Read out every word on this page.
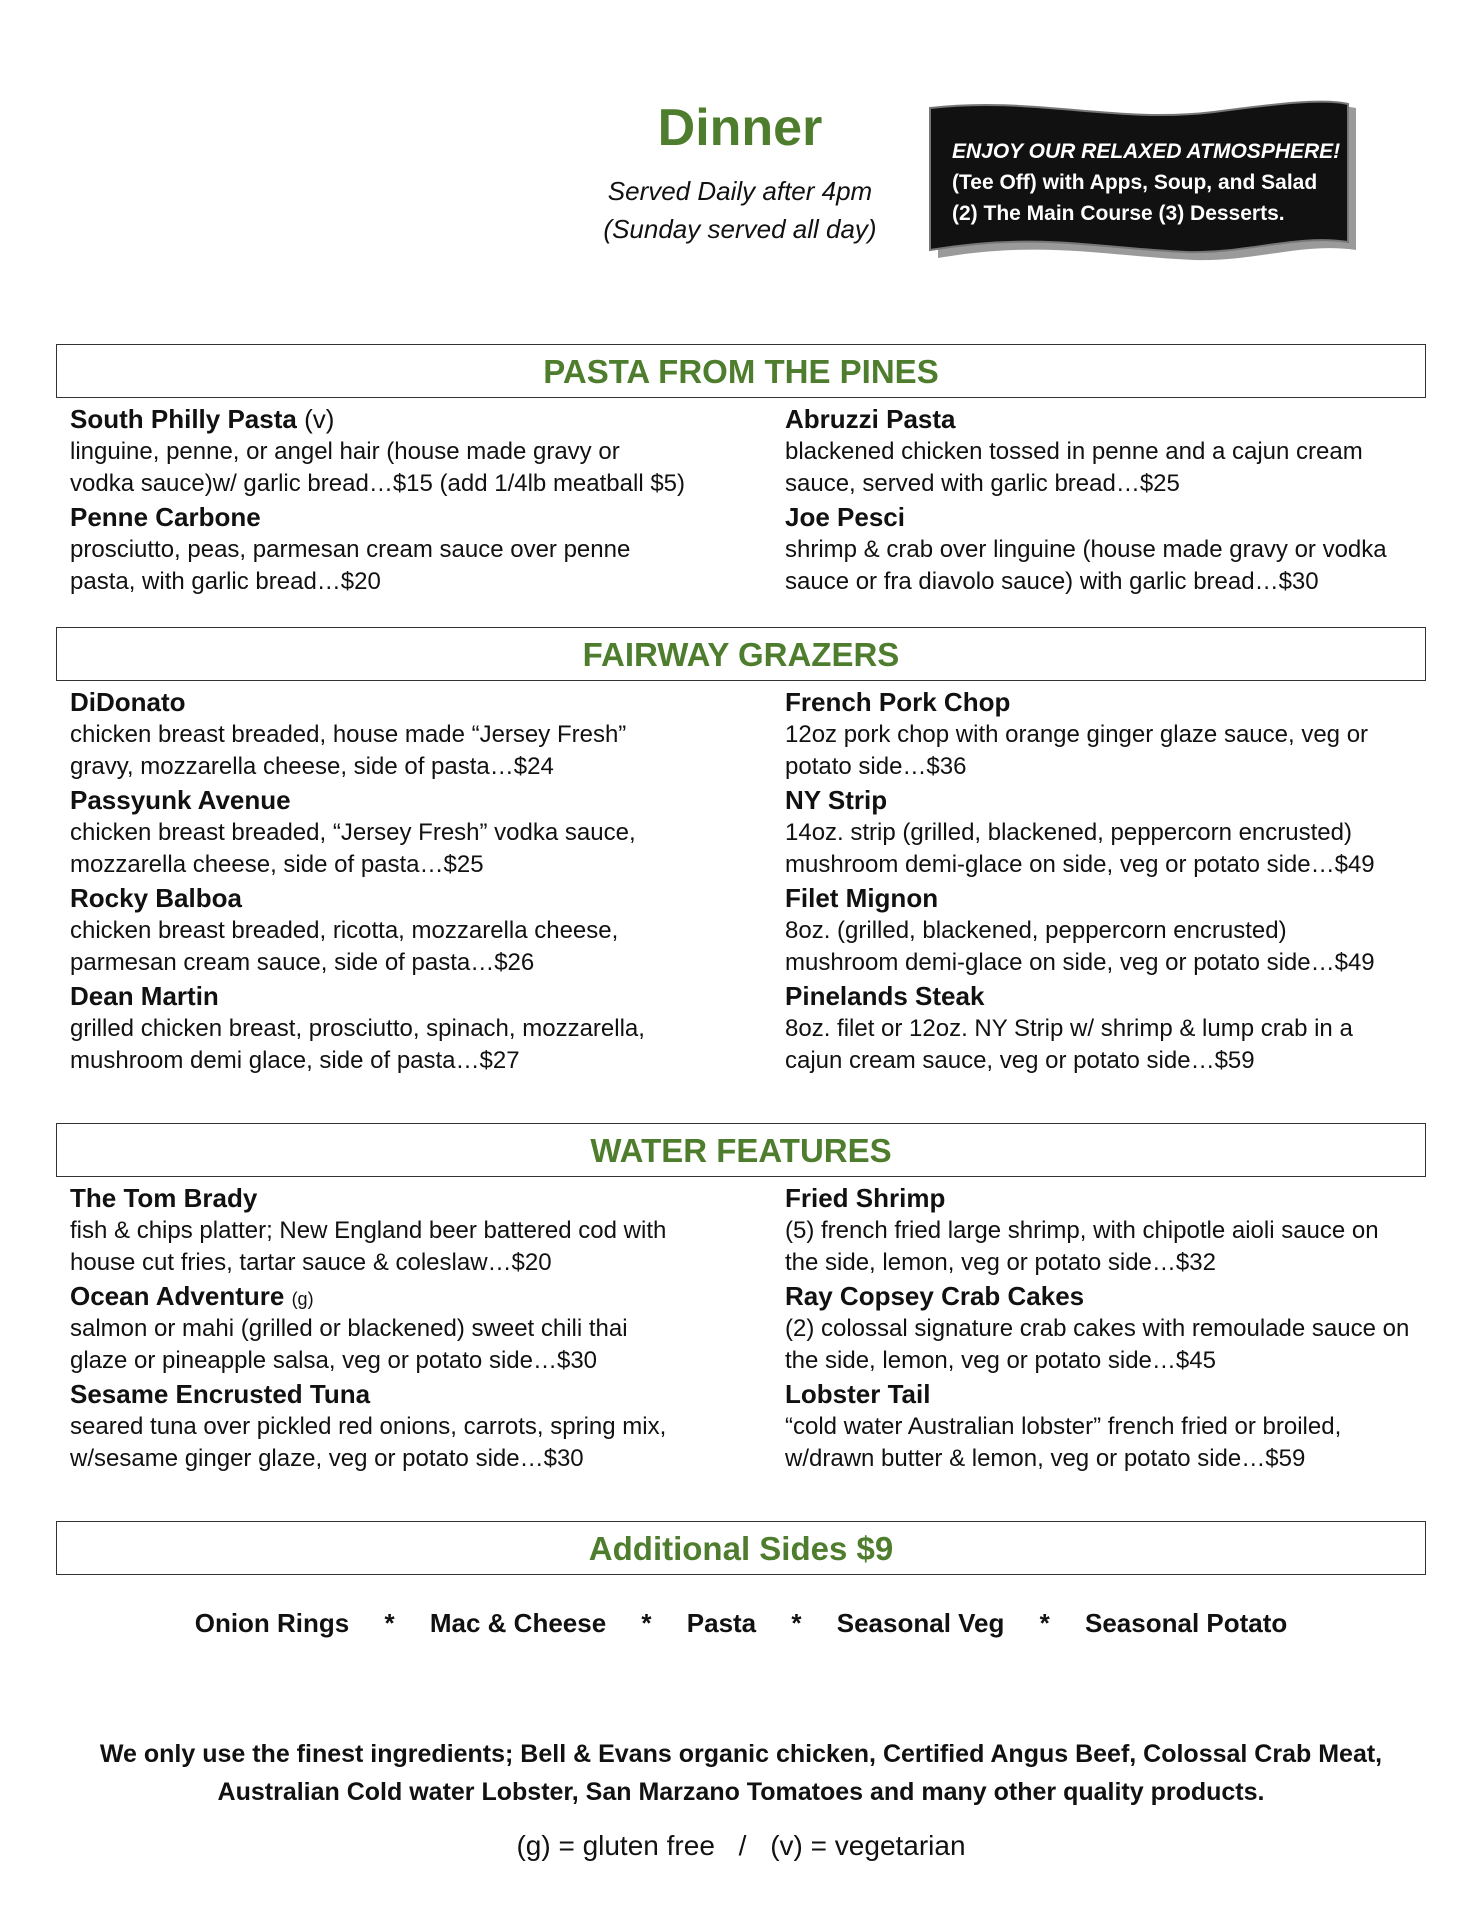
Dinner
Served Daily after 4pm
(Sunday served all day)
ENJOY OUR RELAXED ATMOSPHERE!
(Tee Off) with Apps, Soup, and Salad
(2) The Main Course (3) Desserts.
PASTA FROM THE PINES
South Philly Pasta (v)
linguine, penne, or angel hair (house made gravy or
vodka sauce)w/ garlic bread…$15 (add 1/4lb meatball $5)
Penne Carbone
prosciutto, peas, parmesan cream sauce over penne
pasta, with garlic bread…$20
Abruzzi Pasta
blackened chicken tossed in penne and a cajun cream
sauce, served with garlic bread…$25
Joe Pesci
shrimp & crab over linguine (house made gravy or vodka
sauce or fra diavolo sauce) with garlic bread…$30
FAIRWAY GRAZERS
DiDonato
chicken breast breaded, house made “Jersey Fresh”
gravy, mozzarella cheese, side of pasta…$24
Passyunk Avenue
chicken breast breaded, “Jersey Fresh” vodka sauce,
mozzarella cheese, side of pasta…$25
Rocky Balboa
chicken breast breaded, ricotta, mozzarella cheese,
parmesan cream sauce, side of pasta…$26
Dean Martin
grilled chicken breast, prosciutto, spinach, mozzarella,
mushroom demi glace, side of pasta…$27
French Pork Chop
12oz pork chop with orange ginger glaze sauce, veg or
potato side…$36
NY Strip
14oz. strip (grilled, blackened, peppercorn encrusted)
mushroom demi-glace on side, veg or potato side…$49
Filet Mignon
8oz. (grilled, blackened, peppercorn encrusted)
mushroom demi-glace on side, veg or potato side…$49
Pinelands Steak
8oz. filet or 12oz. NY Strip w/ shrimp & lump crab in a
cajun cream sauce, veg or potato side…$59
WATER FEATURES
The Tom Brady
fish & chips platter; New England beer battered cod with
house cut fries, tartar sauce & coleslaw…$20
Ocean Adventure (g)
salmon or mahi (grilled or blackened) sweet chili thai
glaze or pineapple salsa, veg or potato side…$30
Sesame Encrusted Tuna
seared tuna over pickled red onions, carrots, spring mix,
w/sesame ginger glaze, veg or potato side…$30
Fried Shrimp
(5) french fried large shrimp, with chipotle aioli sauce on
the side, lemon, veg or potato side…$32
Ray Copsey Crab Cakes
(2) colossal signature crab cakes with remoulade sauce on
the side, lemon, veg or potato side…$45
Lobster Tail
“cold water Australian lobster” french fried or broiled,
w/drawn butter & lemon, veg or potato side…$59
Additional Sides $9
Onion Rings * Mac & Cheese * Pasta * Seasonal Veg * Seasonal Potato
We only use the finest ingredients; Bell & Evans organic chicken, Certified Angus Beef, Colossal Crab Meat,
Australian Cold water Lobster, San Marzano Tomatoes and many other quality products.
(g) = gluten free / (v) = vegetarian
